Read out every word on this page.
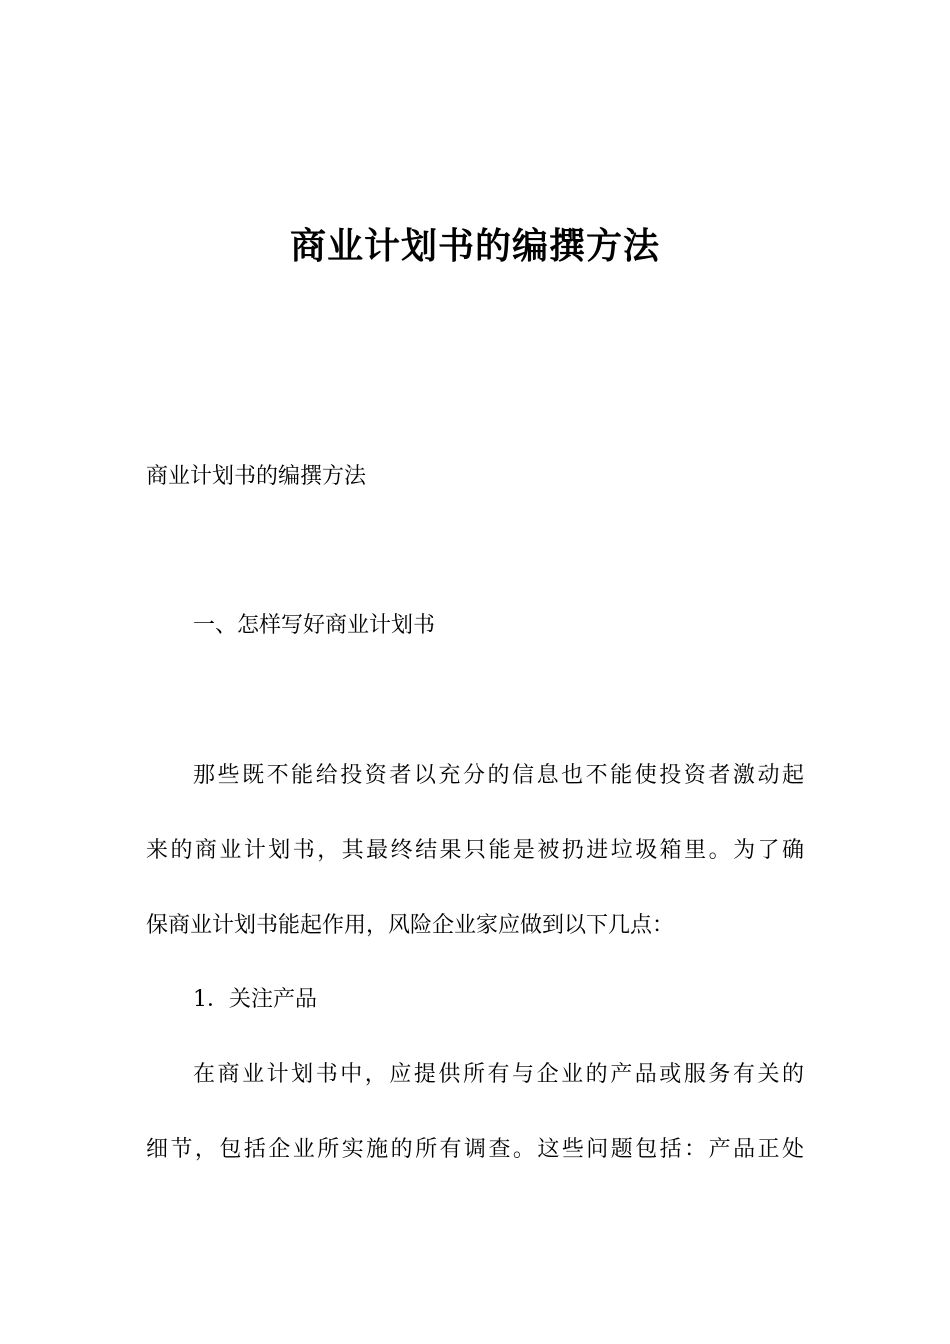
商业计划书的编撰方法
商业计划书的编撰方法
一、怎样写好商业计划书
那些既不能给投资者以充分的信息也不能使投资者激动起
来的商业计划书，其最终结果只能是被扔进垃圾箱里。为了确
保商业计划书能起作用，风险企业家应做到以下几点：
1．关注产品
在商业计划书中，应提供所有与企业的产品或服务有关的
细节，包括企业所实施的所有调查。这些问题包括：产品正处
